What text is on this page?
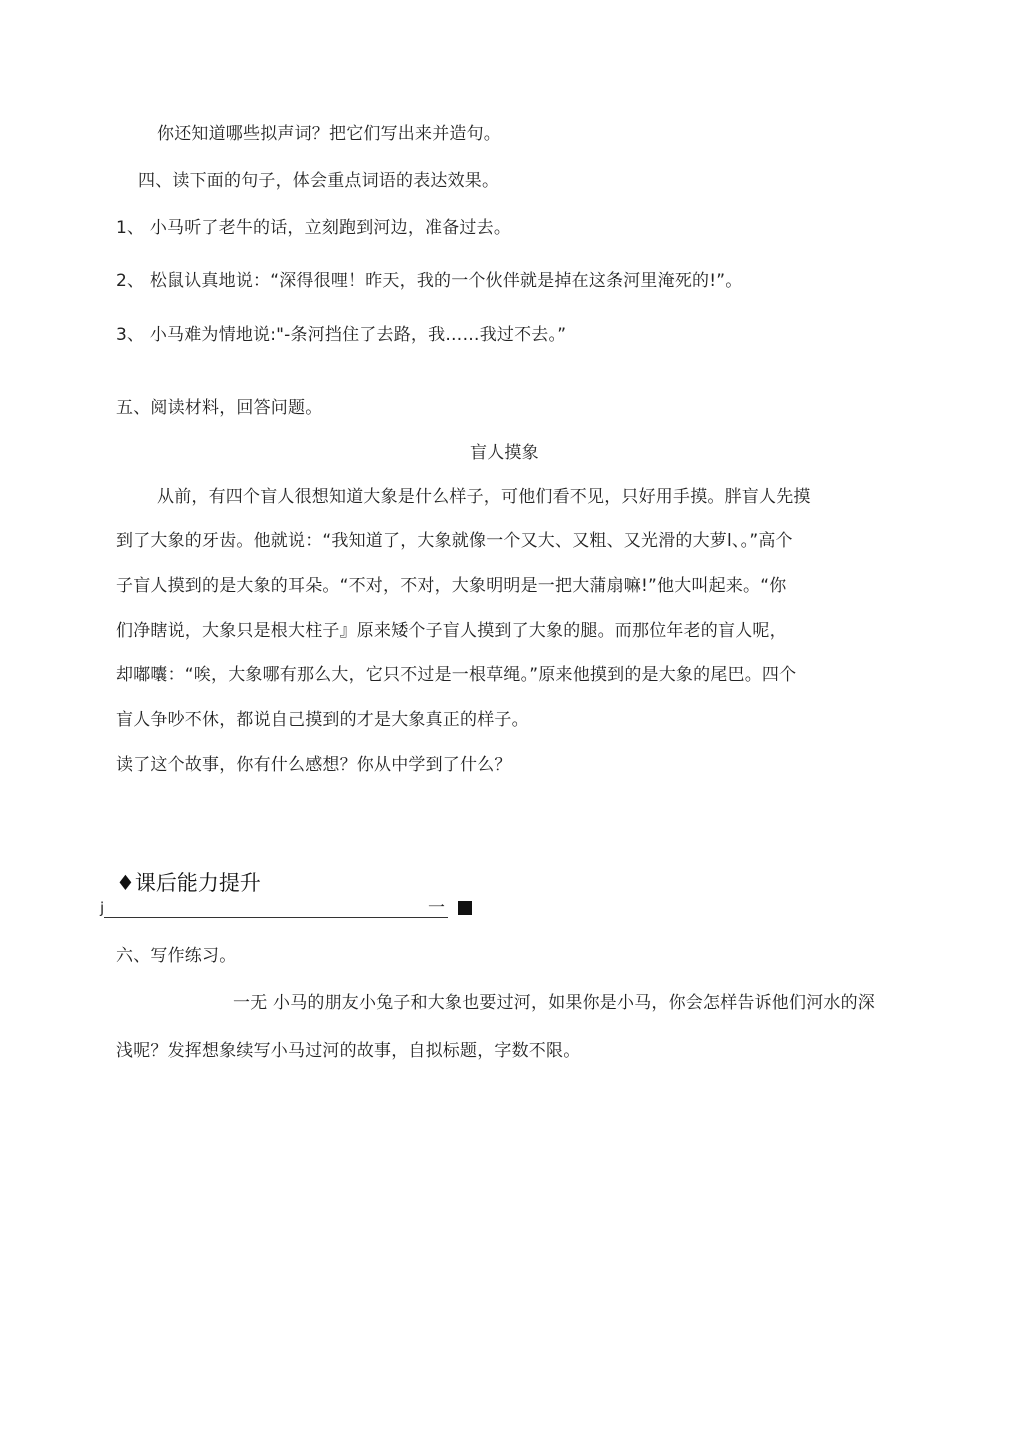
你还知道哪些拟声词？把它们写出来并造句。
四、读下面的句子，体会重点词语的表达效果。
1、 小马听了老牛的话，立刻跑到河边，准备过去。
2、 松鼠认真地说：“深得很哩！昨天，我的一个伙伴就是掉在这条河里淹死的!”。
3、 小马难为情地说:"-条河挡住了去路，我……我过不去。”
五、阅读材料，回答问题。
盲人摸象
从前，有四个盲人很想知道大象是什么样子，可他们看不见，只好用手摸。胖盲人先摸
到了大象的牙齿。他就说：“我知道了，大象就像一个又大、又粗、又光滑的大萝l、。”高个
子盲人摸到的是大象的耳朵。“不对，不对，大象明明是一把大蒲扇嘛!”他大叫起来。“你
们净瞎说，大象只是根大柱子』原来矮个子盲人摸到了大象的腿。而那位年老的盲人呢，
却嘟囔：“唉，大象哪有那么大，它只不过是一根草绳。”原来他摸到的是大象的尾巴。四个
盲人争吵不休，都说自己摸到的才是大象真正的样子。
读了这个故事，你有什么感想？你从中学到了什么？
♦课后能力提升
j	一
六、写作练习。
一无 小马的朋友小兔子和大象也要过河，如果你是小马，你会怎样告诉他们河水的深
浅呢？发挥想象续写小马过河的故事，自拟标题，字数不限。
